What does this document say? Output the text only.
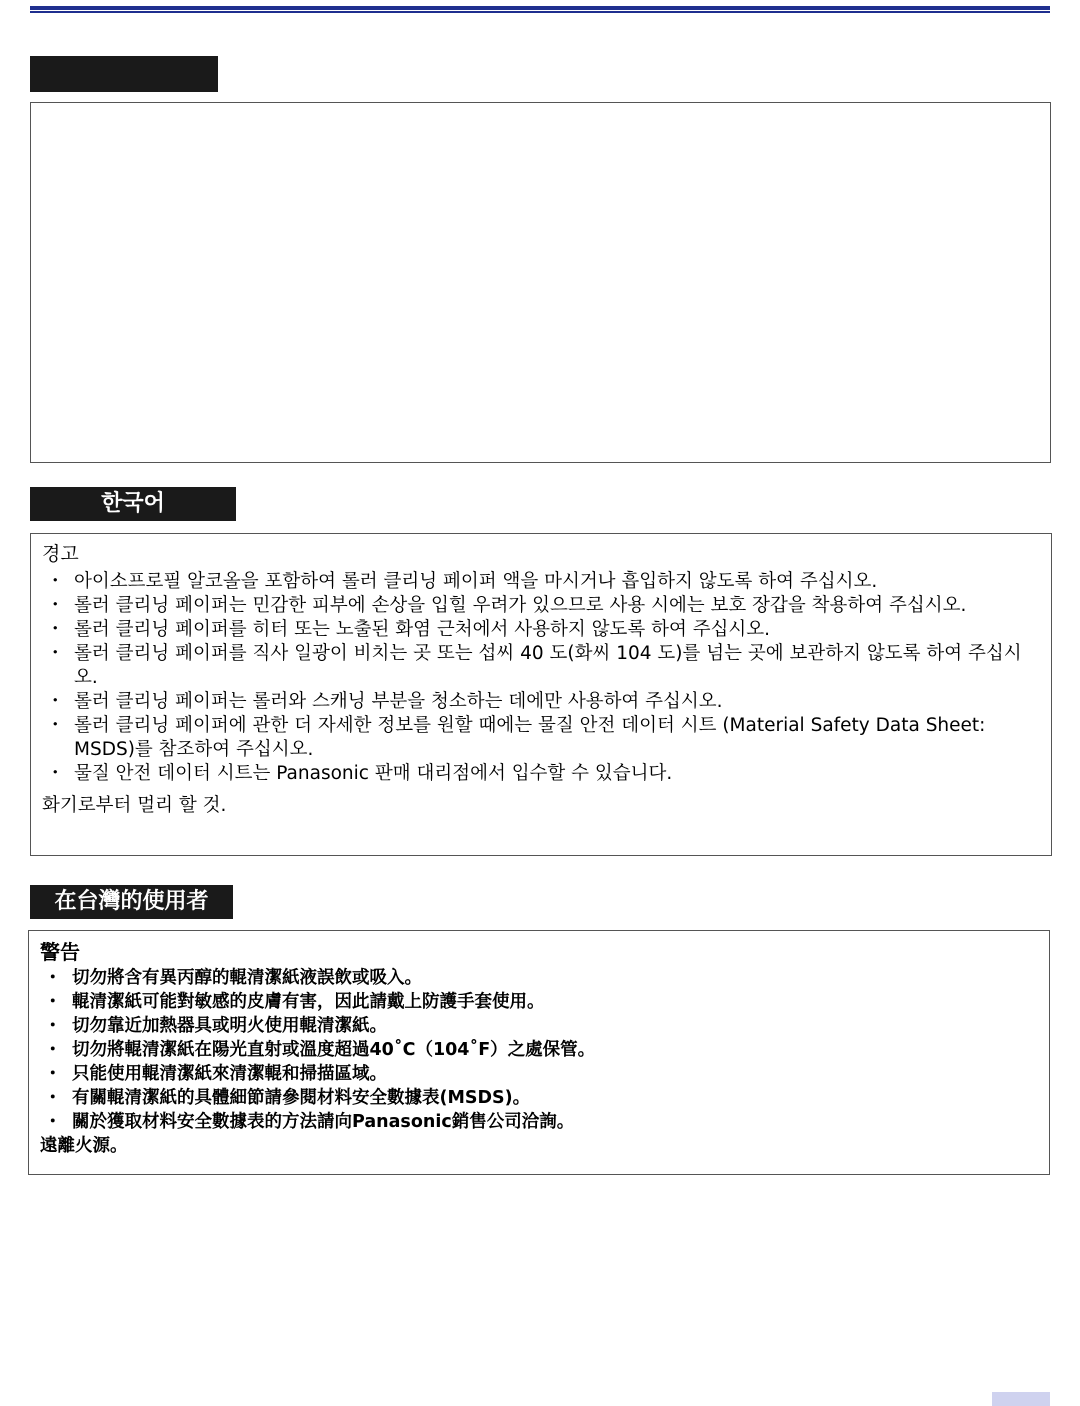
한국어

경고

・ 아이소프로필 알코올을 포함하여 롤러 클리닝 페이퍼 액을 마시거나 흡입하지 않도록 하여 주십시오.
・ 롤러 클리닝 페이퍼는 민감한 피부에 손상을 입힐 우려가 있으므로 사용 시에는 보호 장갑을 착용하여 주십시오.
・ 롤러 클리닝 페이퍼를 히터 또는 노출된 화염 근처에서 사용하지 않도록 하여 주십시오.
・ 롤러 클리닝 페이퍼를 직사 일광이 비치는 곳 또는 섭씨 40 도(화씨 104 도)를 넘는 곳에 보관하지 않도록 하여 주십시오.
・ 롤러 클리닝 페이퍼는 롤러와 스캐닝 부분을 청소하는 데에만 사용하여 주십시오.
・ 롤러 클리닝 페이퍼에 관한 더 자세한 정보를 원할 때에는 물질 안전 데이터 시트 (Material Safety Data Sheet: MSDS)를 참조하여 주십시오.
・ 물질 안전 데이터 시트는 Panasonic 판매 대리점에서 입수할 수 있습니다.

화기로부터 멀리 할 것.

在台灣的使用者

警告

・ 切勿將含有異丙醇的輥清潔紙液誤飲或吸入。
・ 輥清潔紙可能對敏感的皮膚有害，因此請戴上防護手套使用。
・ 切勿靠近加熱器具或明火使用輥清潔紙。
・ 切勿將輥清潔紙在陽光直射或溫度超過40˚C（104˚F）之處保管。
・ 只能使用輥清潔紙來清潔輥和掃描區域。
・ 有關輥清潔紙的具體細節請參閱材料安全數據表(MSDS)。
・ 關於獲取材料安全數據表的方法請向Panasonic銷售公司洽詢。

遠離火源。
